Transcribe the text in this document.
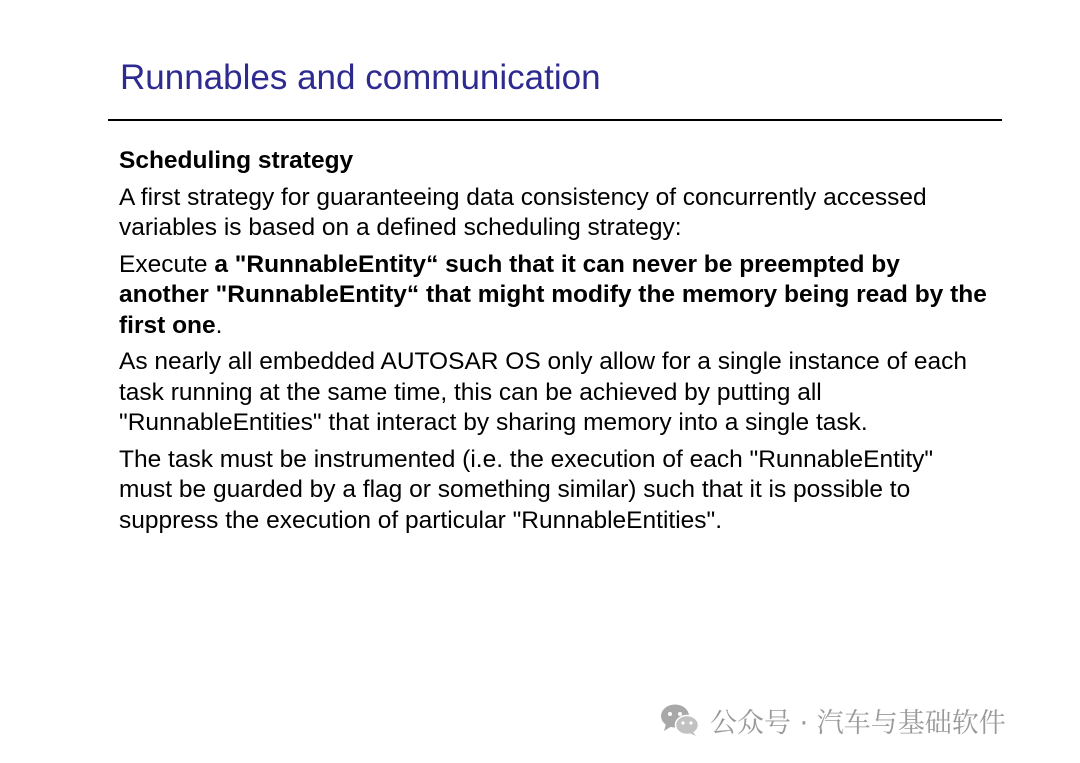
Runnables and communication
Scheduling strategy

A first strategy for guaranteeing data consistency of concurrently accessed variables is based on a defined scheduling strategy:

Execute a "RunnableEntity“ such that it can never be preempted by another "RunnableEntity“ that might modify the memory being read by the first one.

As nearly all embedded AUTOSAR OS only allow for a single instance of each task running at the same time, this can be achieved by putting all "RunnableEntities" that interact by sharing memory into a single task.

The task must be instrumented (i.e. the execution of each "RunnableEntity" must be guarded by a flag or something similar) such that it is possible to suppress the execution of particular "RunnableEntities".

公众号 · 汽车与基础软件
